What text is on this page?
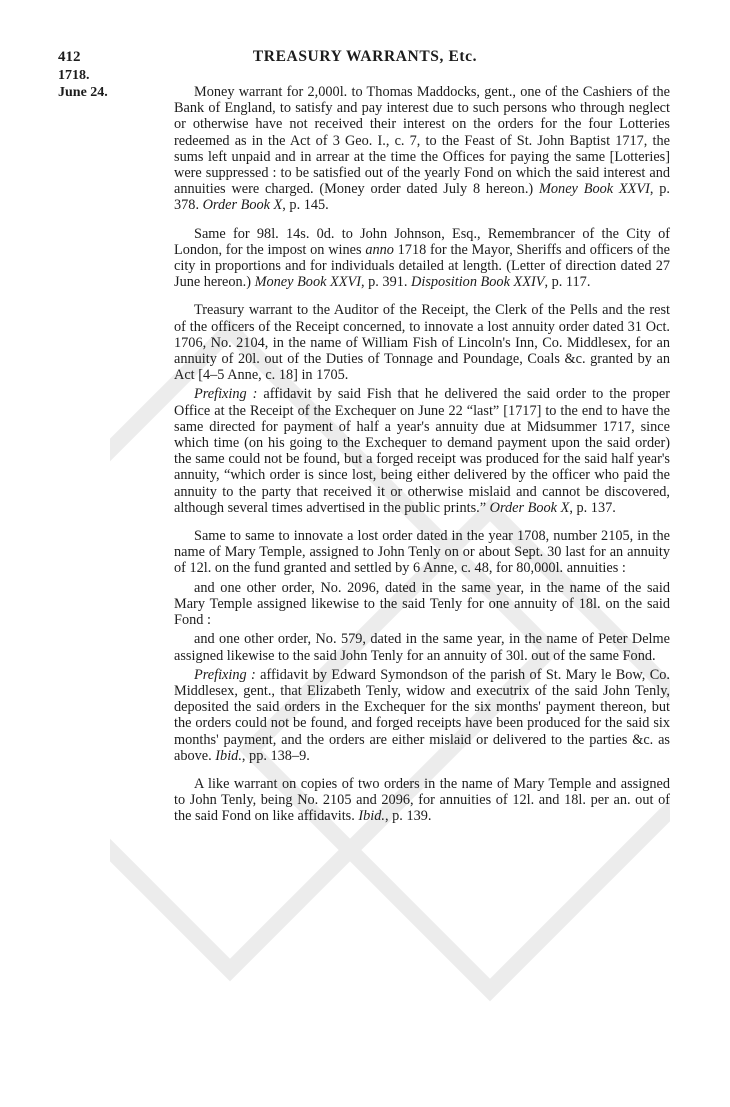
412	TREASURY WARRANTS, Etc.
1718.
June 24.	Money warrant for 2,000l. to Thomas Maddocks, gent., one of the Cashiers of the Bank of England, to satisfy and pay interest due to such persons who through neglect or otherwise have not received their interest on the orders for the four Lotteries redeemed as in the Act of 3 Geo. I., c. 7, to the Feast of St. John Baptist 1717, the sums left unpaid and in arrear at the time the Offices for paying the same [Lotteries] were suppressed : to be satisfied out of the yearly Fond on which the said interest and annuities were charged. (Money order dated July 8 hereon.) Money Book XXVI, p. 378. Order Book X, p. 145.

Same for 98l. 14s. 0d. to John Johnson, Esq., Remembrancer of the City of London, for the impost on wines anno 1718 for the Mayor, Sheriffs and officers of the city in proportions and for individuals detailed at length. (Letter of direction dated 27 June hereon.) Money Book XXVI, p. 391. Disposition Book XXIV, p. 117.

Treasury warrant to the Auditor of the Receipt, the Clerk of the Pells and the rest of the officers of the Receipt concerned, to innovate a lost annuity order dated 31 Oct. 1706, No. 2104, in the name of William Fish of Lincoln's Inn, Co. Middlesex, for an annuity of 20l. out of the Duties of Tonnage and Poundage, Coals &c. granted by an Act [4–5 Anne, c. 18] in 1705.

Prefixing : affidavit by said Fish that he delivered the said order to the proper Office at the Receipt of the Exchequer on June 22 “last” [1717] to the end to have the same directed for payment of half a year's annuity due at Midsummer 1717, since which time (on his going to the Exchequer to demand payment upon the said order) the same could not be found, but a forged receipt was produced for the said half year's annuity, “which order is since lost, being either delivered by the officer who paid the annuity to the party that received it or otherwise mislaid and cannot be discovered, although several times advertised in the public prints.” Order Book X, p. 137.

Same to same to innovate a lost order dated in the year 1708, number 2105, in the name of Mary Temple, assigned to John Tenly on or about Sept. 30 last for an annuity of 12l. on the fund granted and settled by 6 Anne, c. 48, for 80,000l. annuities :

and one other order, No. 2096, dated in the same year, in the name of the said Mary Temple assigned likewise to the said Tenly for one annuity of 18l. on the said Fond :

and one other order, No. 579, dated in the same year, in the name of Peter Delme assigned likewise to the said John Tenly for an annuity of 30l. out of the same Fond.

Prefixing : affidavit by Edward Symondson of the parish of St. Mary le Bow, Co. Middlesex, gent., that Elizabeth Tenly, widow and executrix of the said John Tenly, deposited the said orders in the Exchequer for the six months' payment thereon, but the orders could not be found, and forged receipts have been produced for the said six months' payment, and the orders are either mislaid or delivered to the parties &c. as above. Ibid., pp. 138–9.

A like warrant on copies of two orders in the name of Mary Temple and assigned to John Tenly, being No. 2105 and 2096, for annuities of 12l. and 18l. per an. out of the said Fond on like affidavits. Ibid., p. 139.
